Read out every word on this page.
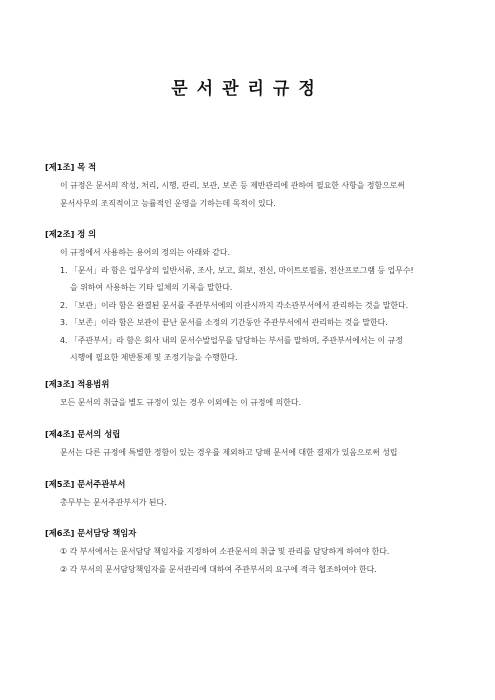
문서관리규정
[제1조] 목 적
이 규정은 문서의 작성, 처리, 시행, 관리, 보관, 보존 등 제반관리에 관하여 필요한 사항을 정함으로써
문서사무의 조직적이고 능률적인 운영을 기하는데 목적이 있다.
[제2조] 정 의
이 규정에서 사용하는 용어의 정의는 아래와 같다.
1. 「문서」라 함은 업무상의 일반서류, 조사, 보고, 회보, 전신, 마이트로필름, 전산프로그램 등 업무수!
을 위하여 사용하는 기타 일체의 기록을 말한다.
2. 「보관」이라 함은 완결된 문서를 주관부서에의 이관시까지 각소관부서에서 관리하는 것을 말한다.
3. 「보존」이라 함은 보관이 끝난 문서를 소정의 기간동안 주관부서에서 관리하는 것을 말한다.
4. 「주관부서」라 함은 회사 내의 문서수발업무를 담당하는 부서를 말하며, 주관부서에서는 이 규정
시행에 필요한 제반통제 및 조정기능을 수행한다.
[제3조] 적용범위
모든 문서의 취급을 별도 규정이 있는 경우 이외에는 이 규정에 의한다.
[제4조] 문서의 성립
문서는 다른 규정에 특별한 정함이 있는 경우를 제외하고 당해 문서에 대한 결재가 있음으로써 성립
[제5조] 문서주관부서
총무부는 문서주관부서가 된다.
[제6조] 문서담당 책임자
① 각 부서에서는 문서담당 책임자를 지정하여 소관문서의 취급 및 관리를 담당하게 하여야 한다.
② 각 부서의 문서담당책임자를 문서관리에 대하여 주관부서의 요구에 적극 협조하여야 한다.
